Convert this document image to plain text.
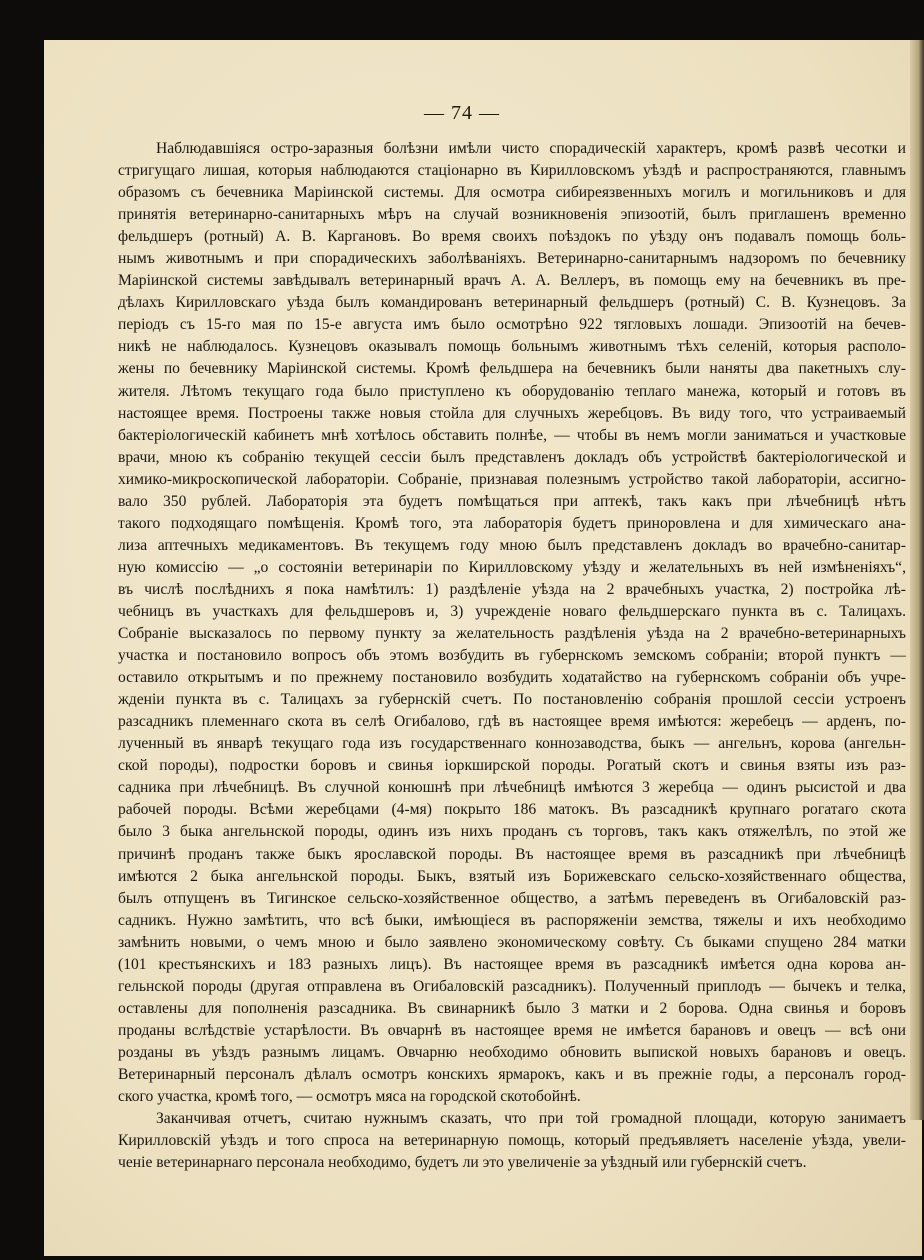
— 74 —
Наблюдавшіяся остро-заразныя болѣзни имѣли чисто спорадическій характеръ, кромѣ развѣ чесотки и
стригущаго лишая, которыя наблюдаются стаціонарно въ Кирилловскомъ уѣздѣ и распространяются, главнымъ
образомъ съ бечевника Маріинской системы. Для осмотра сибиреязвенныхъ могилъ и могильниковъ и для
принятія ветеринарно-санитарныхъ мѣръ на случай возникновенія эпизоотій, былъ приглашенъ временно
фельдшеръ (ротный) А. В. Каргановъ. Во время своихъ поѣздокъ по уѣзду онъ подавалъ помощь боль-
нымъ животнымъ и при спорадическихъ заболѣваніяхъ. Ветеринарно-санитарнымъ надзоромъ по бечевнику
Маріинской системы завѣдывалъ ветеринарный врачъ А. А. Веллеръ, въ помощь ему на бечевникъ въ пре-
дѣлахъ Кирилловскаго уѣзда былъ командированъ ветеринарный фельдшеръ (ротный) С. В. Кузнецовъ. За
періодъ съ 15-го мая по 15-е августа имъ было осмотрѣно 922 тягловыхъ лошади. Эпизоотій на бечев-
никѣ не наблюдалось. Кузнецовъ оказывалъ помощь больнымъ животнымъ тѣхъ селеній, которыя располо-
жены по бечевнику Маріинской системы. Кромѣ фельдшера на бечевникъ были наняты два пакетныхъ слу-
жителя. Лѣтомъ текущаго года было приступлено къ оборудованію теплаго манежа, который и готовъ въ
настоящее время. Построены также новыя стойла для случныхъ жеребцовъ. Въ виду того, что устраиваемый
бактеріологическій кабинетъ мнѣ хотѣлось обставить полнѣе, — чтобы въ немъ могли заниматься и участковые
врачи, мною къ собранію текущей сессіи былъ представленъ докладъ объ устройствѣ бактеріологической и
химико-микроскопической лабораторіи. Собраніе, признавая полезнымъ устройство такой лабораторіи, ассигно-
вало 350 рублей. Лабораторія эта будетъ помѣщаться при аптекѣ, такъ какъ при лѣчебницѣ нѣтъ
такого подходящаго помѣщенія. Кромѣ того, эта лабораторія будетъ приноровлена и для химическаго ана-
лиза аптечныхъ медикаментовъ. Въ текущемъ году мною былъ представленъ докладъ во врачебно-санитар-
ную комиссію — „о состояніи ветеринаріи по Кирилловскому уѣзду и желательныхъ въ ней измѣненіяхъ“,
въ числѣ послѣднихъ я пока намѣтилъ: 1) раздѣленіе уѣзда на 2 врачебныхъ участка, 2) постройка лѣ-
чебницъ въ участкахъ для фельдшеровъ и, 3) учрежденіе новаго фельдшерскаго пункта въ с. Талицахъ.
Собраніе высказалось по первому пункту за желательность раздѣленія уѣзда на 2 врачебно-ветеринарныхъ
участка и постановило вопросъ объ этомъ возбудить въ губернскомъ земскомъ собраніи; второй пунктъ —
оставило открытымъ и по прежнему постановило возбудить ходатайство на губернскомъ собраніи объ учре-
жденіи пункта въ с. Талицахъ за губернскій счетъ. По постановленію собранія прошлой сессіи устроенъ
разсадникъ племеннаго скота въ селѣ Огибалово, гдѣ въ настоящее время имѣются: жеребецъ — арденъ, по-
лученный въ январѣ текущаго года изъ государственнаго коннозаводства, быкъ — ангельнъ, корова (ангельн-
ской породы), подростки боровъ и свинья іоркширской породы. Рогатый скотъ и свинья взяты изъ раз-
садника при лѣчебницѣ. Въ случной конюшнѣ при лѣчебницѣ имѣются 3 жеребца — одинъ рысистой и два
рабочей породы. Всѣми жеребцами (4-мя) покрыто 186 матокъ. Въ разсадникѣ крупнаго рогатаго скота
было 3 быка ангельнской породы, одинъ изъ нихъ проданъ съ торговъ, такъ какъ отяжелѣлъ, по этой же
причинѣ проданъ также быкъ ярославской породы. Въ настоящее время въ разсадникѣ при лѣчебницѣ
имѣются 2 быка ангельнской породы. Быкъ, взятый изъ Борижевскаго сельско-хозяйственнаго общества,
былъ отпущенъ въ Тигинское сельско-хозяйственное общество, а затѣмъ переведенъ въ Огибаловскій раз-
садникъ. Нужно замѣтить, что всѣ быки, имѣющіеся въ распоряженіи земства, тяжелы и ихъ необходимо
замѣнить новыми, о чемъ мною и было заявлено экономическому совѣту. Съ быками спущено 284 матки
(101 крестьянскихъ и 183 разныхъ лицъ). Въ настоящее время въ разсадникѣ имѣется одна корова ан-
гельнской породы (другая отправлена въ Огибаловскій разсадникъ). Полученный приплодъ — бычекъ и телка,
оставлены для пополненія разсадника. Въ свинарникѣ было 3 матки и 2 борова. Одна свинья и боровъ
проданы вслѣдствіе устарѣлости. Въ овчарнѣ въ настоящее время не имѣется барановъ и овецъ — всѣ они
розданы въ уѣздъ разнымъ лицамъ. Овчарню необходимо обновить выпиской новыхъ барановъ и овецъ.
Ветеринарный персоналъ дѣлалъ осмотръ конскихъ ярмарокъ, какъ и въ прежніе годы, а персоналъ город-
ского участка, кромѣ того, — осмотръ мяса на городской скотобойнѣ.
Заканчивая отчетъ, считаю нужнымъ сказать, что при той громадной площади, которую занимаетъ
Кирилловскій уѣздъ и того спроса на ветеринарную помощь, который предъявляетъ населеніе уѣзда, увели-
ченіе ветеринарнаго персонала необходимо, будетъ ли это увеличеніе за уѣздный или губернскій счетъ.
